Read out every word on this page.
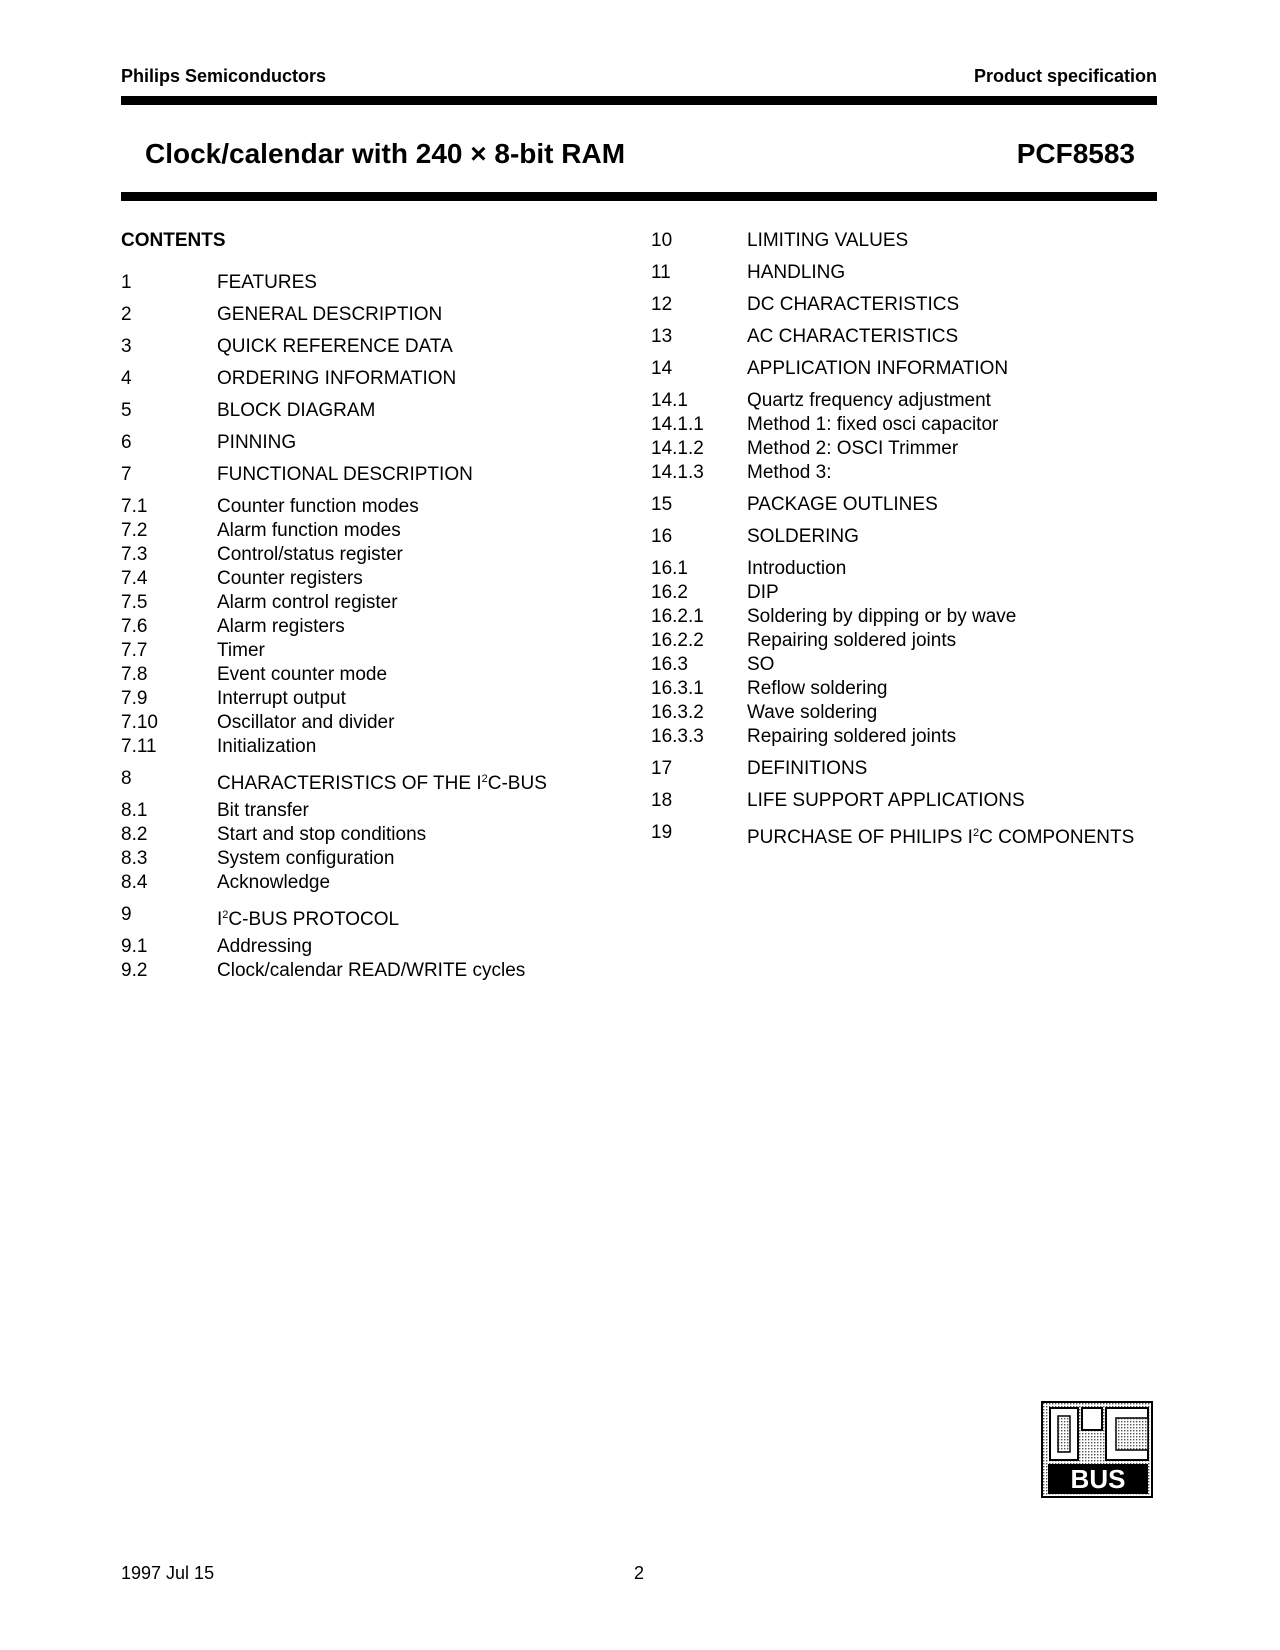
Philips Semiconductors	Product specification
Clock/calendar with 240 × 8-bit RAM	PCF8583
CONTENTS
1	FEATURES
2	GENERAL DESCRIPTION
3	QUICK REFERENCE DATA
4	ORDERING INFORMATION
5	BLOCK DIAGRAM
6	PINNING
7	FUNCTIONAL DESCRIPTION
7.1	Counter function modes
7.2	Alarm function modes
7.3	Control/status register
7.4	Counter registers
7.5	Alarm control register
7.6	Alarm registers
7.7	Timer
7.8	Event counter mode
7.9	Interrupt output
7.10	Oscillator and divider
7.11	Initialization
8	CHARACTERISTICS OF THE $I^2C$-BUS
8.1	Bit transfer
8.2	Start and stop conditions
8.3	System configuration
8.4	Acknowledge
9	$I^2C$-BUS PROTOCOL
9.1	Addressing
9.2	Clock/calendar READ/WRITE cycles
10	LIMITING VALUES
11	HANDLING
12	DC CHARACTERISTICS
13	AC CHARACTERISTICS
14	APPLICATION INFORMATION
14.1	Quartz frequency adjustment
14.1.1 Method 1: fixed osci capacitor
14.1.2 Method 2: OSCI Trimmer
14.1.3 Method 3:
15	PACKAGE OUTLINES
16	SOLDERING
16.1	Introduction
16.2	DIP
16.2.1 Soldering by dipping or by wave
16.2.2 Repairing soldered joints
16.3	SO
16.3.1 Reflow soldering
16.3.2 Wave soldering
16.3.3 Repairing soldered joints
17	DEFINITIONS
18	LIFE SUPPORT APPLICATIONS
19	PURCHASE OF PHILIPS $I^2C$ COMPONENTS
BUS
1997 Jul 15	2
